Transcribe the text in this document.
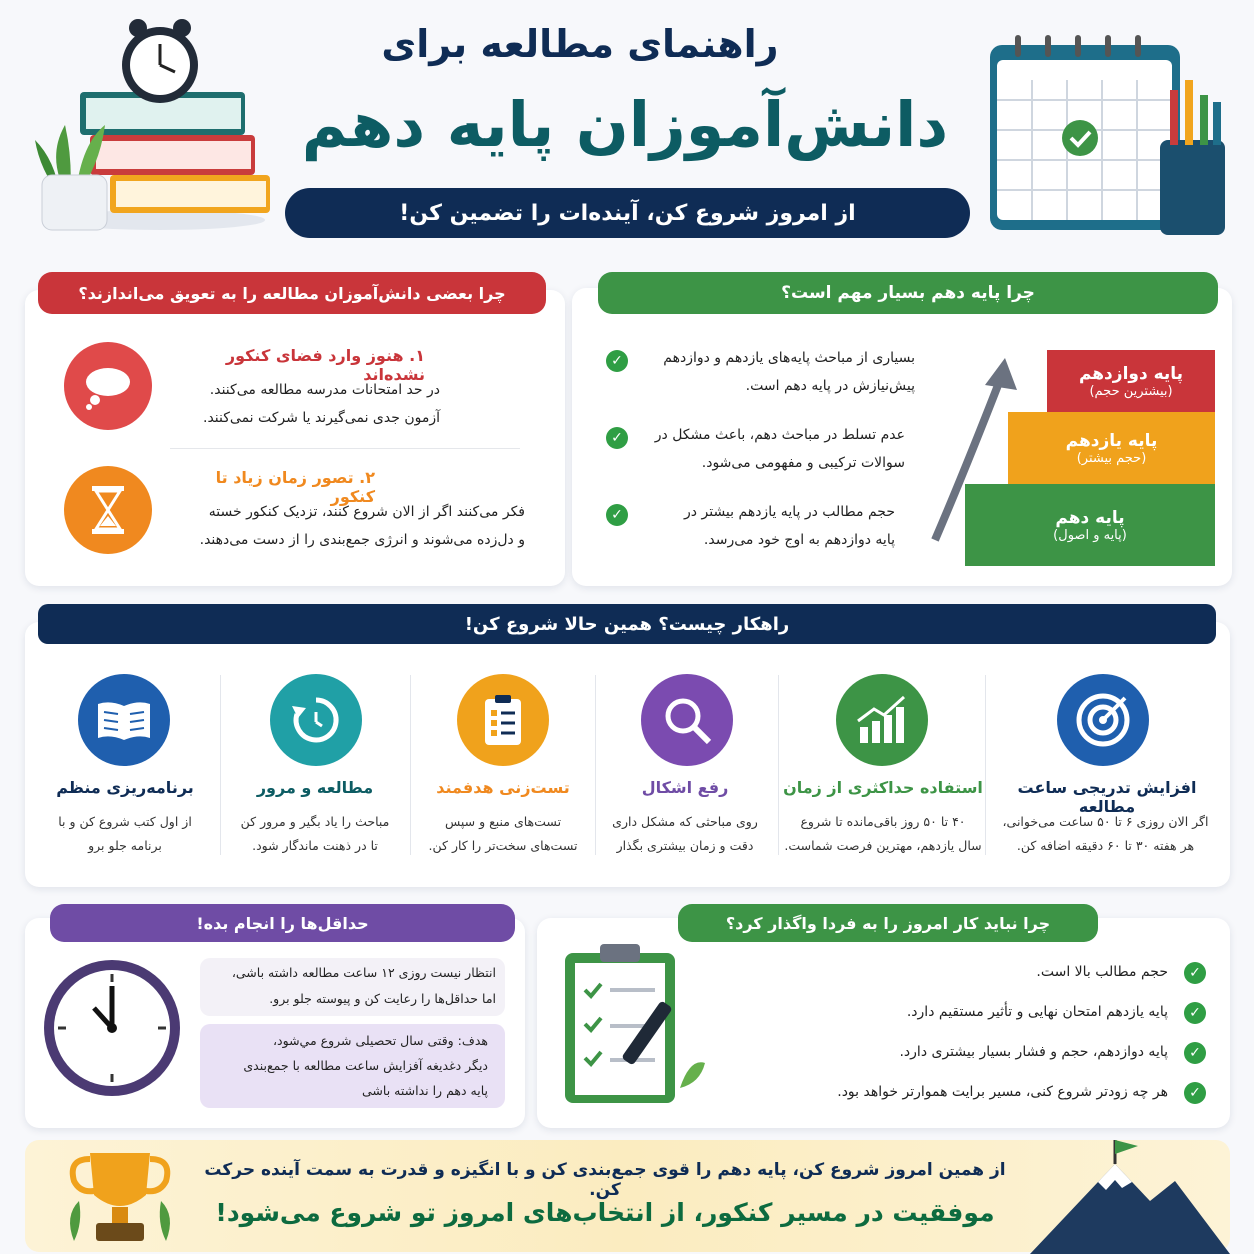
راهنمای مطالعه برای
دانش‌آموزان پایه دهم
از امروز شروع کن، آینده‌ات را تضمین کن!
چرا پایه دهم بسیار مهم است؟
✓	بسیاری از مباحث پایه‌های یازدهم و دوازدهم
پیش‌نیازش در پایه دهم است.
✓	عدم تسلط در مباحث دهم، باعث مشکل در
سوالات ترکیبی و مفهومی می‌شود.
✓	حجم مطالب در پایه یازدهم بیشتر در
پایه دوازدهم به اوج خود می‌رسد.
پایه دوازدهم
(بیشترین حجم)
پایه یازدهم
(حجم بیشتر)
پایه دهم
(پایه و اصول)
چرا بعضی دانش‌آموزان مطالعه را به تعویق می‌اندازند؟
۱. هنوز وارد فضای کنکور نشده‌اند
در حد امتحانات مدرسه مطالعه می‌کنند.
آزمون جدی نمی‌گیرند یا شرکت نمی‌کنند.
۲. تصور زمان زیاد تا کنکور
فکر می‌کنند اگر از الان شروع کنند، تزدیک کنکور خسته
و دل‌زده می‌شوند و انرژی جمع‌بندی را از دست می‌دهند.
راهکار چیست؟ همین حالا شروع کن!
افزایش تدریجی ساعت مطالعه
اگر الان روزی ۶ تا ۵۰ ساعت می‌خوانی،
هر هفته ۳۰ تا ۶۰ دقیقه اضافه کن.
استفاده حداکثری از زمان
۴۰ تا ۵۰ روز باقی‌مانده تا شروع
سال یازدهم، مهترین فرصت شماست.
رفع اشکال
روی مباحثی که مشکل داری
دقت و زمان بیشتری بگذار
تست‌زنی هدفمند
تست‌های منبع و سپس
تست‌های سخت‌تر را کار کن.
مطالعه و مرور
مباحث را یاد بگیر و مرور کن
تا در ذهنت ماندگار شود.
برنامه‌ریزی منظم
از اول کتب شروع کن و با
برنامه جلو برو
حداقل‌ها را انجام بده!
انتظار نیست روزی ۱۲ ساعت مطالعه داشته باشی،
اما حداقل‌ها را رعایت کن و پیوسته جلو برو.
هدف: وقتی سال تحصیلی شروع مي‌شود،
دیگر دغدیغه آفزایش ساعت مطالعه با جمع‌بندی
پایه دهم را نداشته باشی
چرا نباید کار امروز را به فردا واگذار کرد؟
✓
حجم مطالب بالا است.
✓
پایه یازدهم امتحان نهایی و تأثیر مستقیم دارد.
✓
پایه دوازدهم، حجم و فشار بسیار بیشتری دارد.
✓
هر چه زودتر شروع کنی، مسیر برایت هموارتر خواهد بود.
از همین امروز شروع کن، پایه دهم را قوی جمع‌بندی کن و با انگیزه و قدرت به سمت آینده حرکت کن.
موفقیت در مسیر کنکور، از انتخاب‌های امروز تو شروع می‌شود!
